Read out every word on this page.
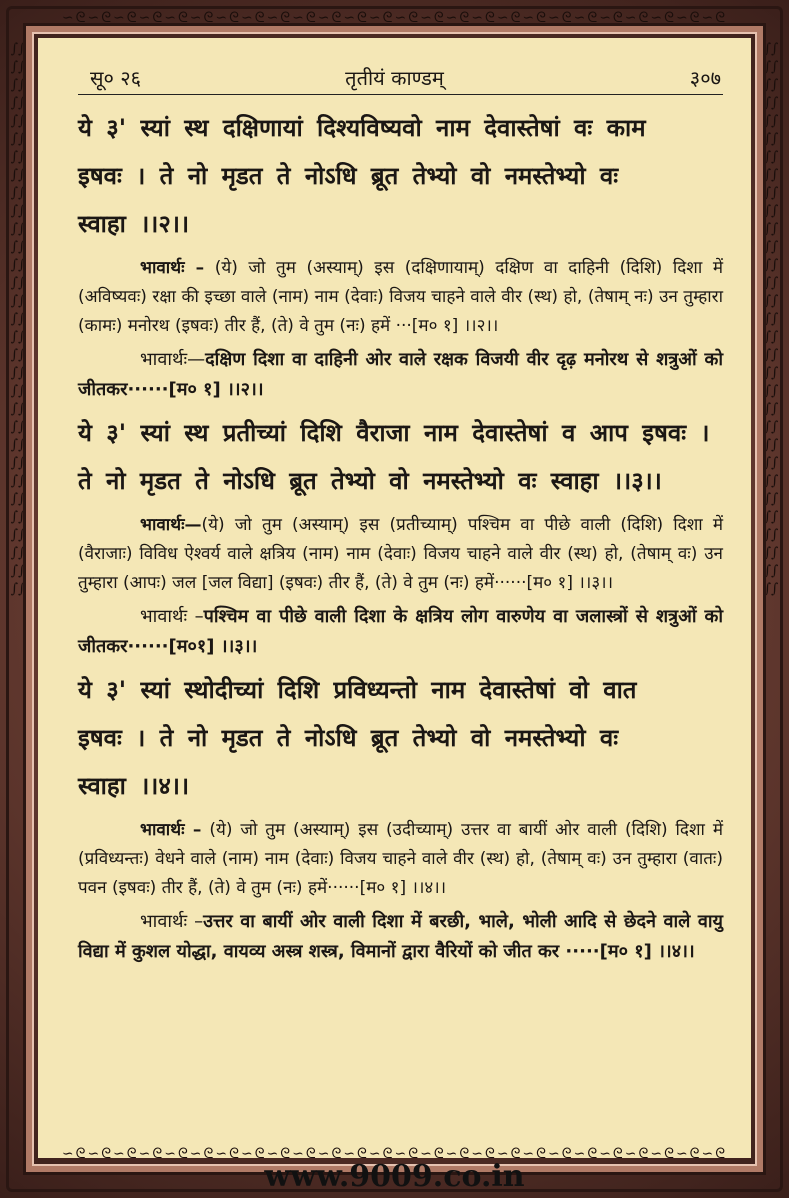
∽ᘓ∽ᘓ∽ᘓ∽ᘓ∽ᘓ∽ᘓ∽ᘓ∽ᘓ∽ᘓ∽ᘓ∽ᘓ∽ᘓ∽ᘓ∽ᘓ∽ᘓ∽ᘓ∽ᘓ∽ᘓ∽ᘓ∽ᘓ∽ᘓ∽ᘓ∽ᘓ∽ᘓ∽ᘓ∽ᘓ
∫∫∫∫∫∫∫∫∫∫∫∫∫∫∫∫∫∫∫∫∫∫∫∫∫∫∫∫∫∫∫∫∫∫∫∫∫∫∫∫∫∫∫∫∫∫∫∫∫∫∫∫∫∫∫∫∫∫∫∫∫∫
∫∫∫∫∫∫∫∫∫∫∫∫∫∫∫∫∫∫∫∫∫∫∫∫∫∫∫∫∫∫∫∫∫∫∫∫∫∫∫∫∫∫∫∫∫∫∫∫∫∫∫∫∫∫∫∫∫∫∫∫∫∫
सू० २६	तृतीयं काण्डम्	३०७

ये ३' स्यां स्थ दक्षिणायां दिश्यविष्यवो नाम देवास्तेषां वः काम

इषवः । ते नो मृडत ते नोऽधि ब्रूत तेभ्यो वो नमस्तेभ्यो वः

स्वाहा ।।२।।

भावार्थः – (ये) जो तुम (अस्याम्) इस (दक्षिणायाम्) दक्षिण वा दाहिनी (दिशि) दिशा में (अविष्यवः) रक्षा की इच्छा वाले (नाम) नाम (देवाः) विजय चाहने वाले वीर (स्थ) हो, (तेषाम् नः) उन तुम्हारा (कामः) मनोरथ (इषवः) तीर हैं, (ते) वे तुम (नः) हमें ···[म० १] ।।२।।

भावार्थः—दक्षिण दिशा वा दाहिनी ओर वाले रक्षक विजयी वीर दृढ़ मनोरथ से शत्रुओं को जीतकर······[म० १] ।।२।।

ये ३' स्यां स्थ प्रतीच्यां दिशि वैराजा नाम देवास्तेषां व आप इषवः ।

ते नो मृडत ते नोऽधि ब्रूत तेभ्यो वो नमस्तेभ्यो वः स्वाहा ।।३।।

भावार्थः—(ये) जो तुम (अस्याम्) इस (प्रतीच्याम्) पश्चिम वा पीछे वाली (दिशि) दिशा में (वैराजाः) विविध ऐश्वर्य वाले क्षत्रिय (नाम) नाम (देवाः) विजय चाहने वाले वीर (स्थ) हो, (तेषाम् वः) उन तुम्हारा (आपः) जल [जल विद्या] (इषवः) तीर हैं, (ते) वे तुम (नः) हमें······[म० १] ।।३।।

भावार्थः –पश्चिम वा पीछे वाली दिशा के क्षत्रिय लोग वारुणेय वा जलास्त्रों से शत्रुओं को जीतकर······[म०१] ।।३।।

ये ३' स्यां स्थोदीच्यां दिशि प्रविध्यन्तो नाम देवास्तेषां वो वात

इषवः । ते नो मृडत ते नोऽधि ब्रूत तेभ्यो वो नमस्तेभ्यो वः

स्वाहा ।।४।।

भावार्थः – (ये) जो तुम (अस्याम्) इस (उदीच्याम्) उत्तर वा बायीं ओर वाली (दिशि) दिशा में (प्रविध्यन्तः) वेधने वाले (नाम) नाम (देवाः) विजय चाहने वाले वीर (स्थ) हो, (तेषाम् वः) उन तुम्हारा (वातः) पवन (इषवः) तीर हैं, (ते) वे तुम (नः) हमें······[म० १] ।।४।।

भावार्थः –उत्तर वा बायीं ओर वाली दिशा में बरछी, भाले, भोली आदि से छेदने वाले वायु विद्या में कुशल योद्धा, वायव्य अस्त्र शस्त्र, विमानों द्वारा वैरियों को जीत कर ·····[म० १] ।।४।।

∽ᘓ∽ᘓ∽ᘓ∽ᘓ∽ᘓ∽ᘓ∽ᘓ∽ᘓ∽ᘓ∽ᘓ∽ᘓ∽ᘓ∽ᘓ∽ᘓ∽ᘓ∽ᘓ∽ᘓ∽ᘓ∽ᘓ∽ᘓ∽ᘓ∽ᘓ∽ᘓ∽ᘓ∽ᘓ∽ᘓ
www.9009.co.in
